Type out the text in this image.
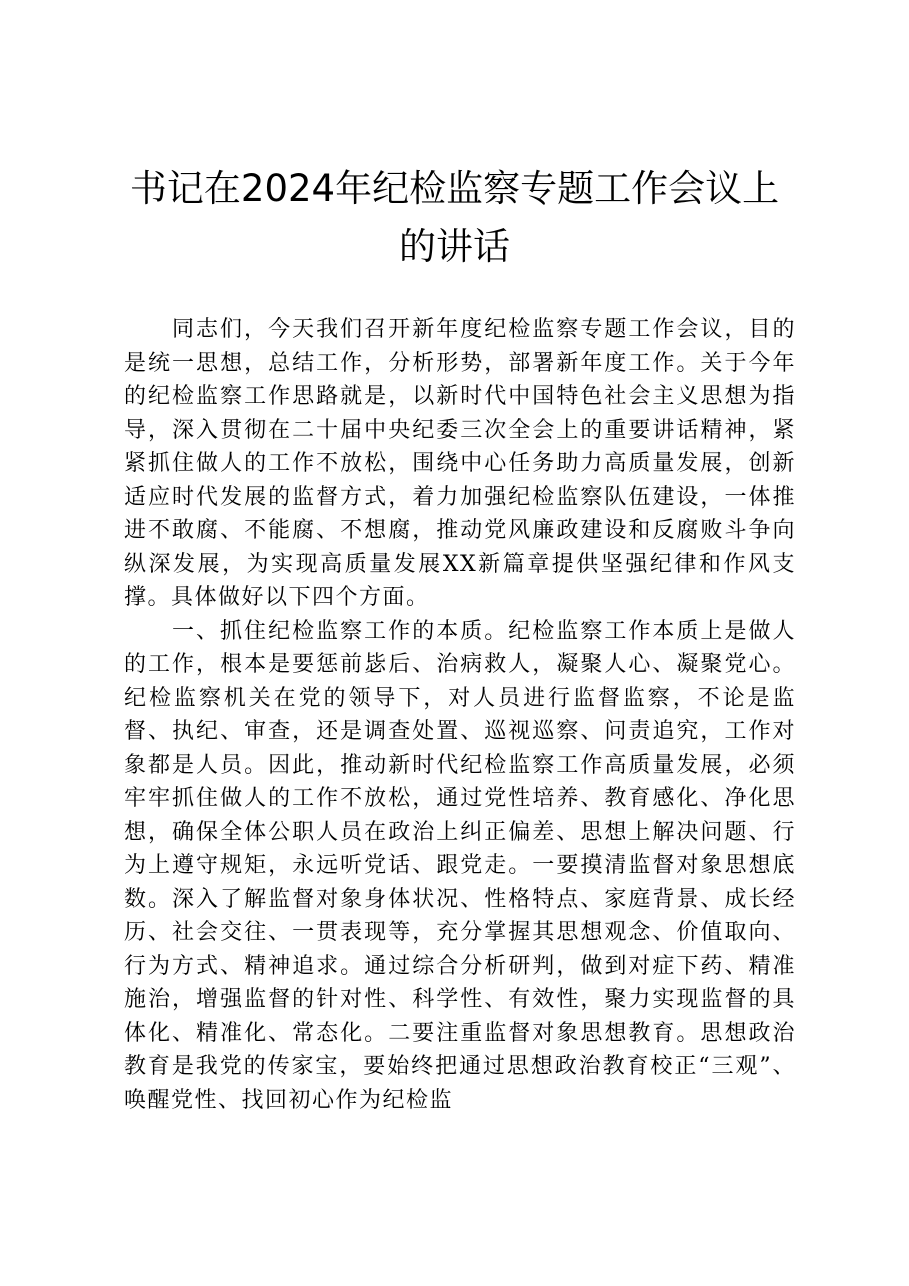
书记在2024年纪检监察专题工作会议上的讲话

同志们，今天我们召开新年度纪检监察专题工作会议，目的是统一思想，总结工作，分析形势，部署新年度工作。关于今年的纪检监察工作思路就是，以新时代中国特色社会主义思想为指导，深入贯彻在二十届中央纪委三次全会上的重要讲话精神，紧紧抓住做人的工作不放松，围绕中心任务助力高质量发展，创新适应时代发展的监督方式，着力加强纪检监察队伍建设，一体推进不敢腐、不能腐、不想腐，推动党风廉政建设和反腐败斗争向纵深发展，为实现高质量发展XX新篇章提供坚强纪律和作风支撑。具体做好以下四个方面。

一、抓住纪检监察工作的本质。纪检监察工作本质上是做人的工作，根本是要惩前毖后、治病救人，凝聚人心、凝聚党心。纪检监察机关在党的领导下，对人员进行监督监察，不论是监督、执纪、审查，还是调查处置、巡视巡察、问责追究，工作对象都是人员。因此，推动新时代纪检监察工作高质量发展，必须牢牢抓住做人的工作不放松，通过党性培养、教育感化、净化思想，确保全体公职人员在政治上纠正偏差、思想上解决问题、行为上遵守规矩，永远听党话、跟党走。一要摸清监督对象思想底数。深入了解监督对象身体状况、性格特点、家庭背景、成长经历、社会交往、一贯表现等，充分掌握其思想观念、价值取向、行为方式、精神追求。通过综合分析研判，做到对症下药、精准施治，增强监督的针对性、科学性、有效性，聚力实现监督的具体化、精准化、常态化。二要注重监督对象思想教育。思想政治教育是我党的传家宝，要始终把通过思想政治教育校正“三观”、唤醒党性、找回初心作为纪检监
